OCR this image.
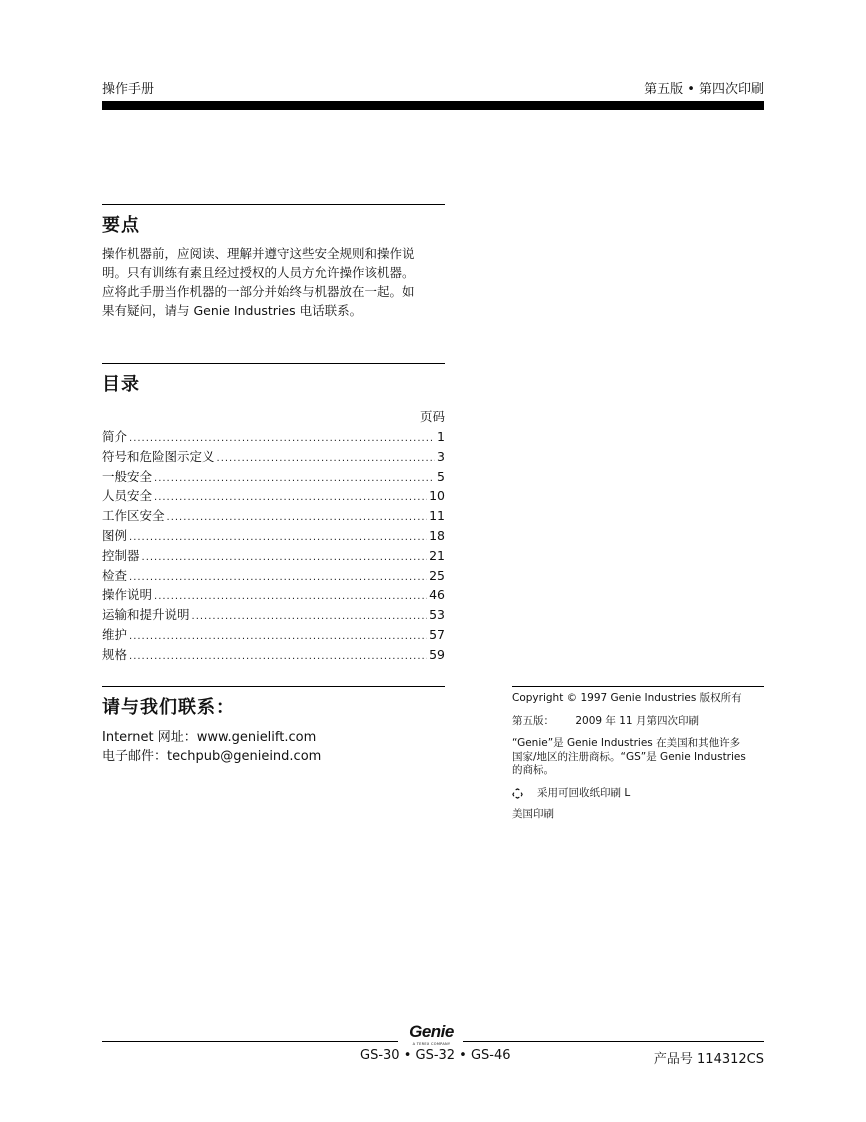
操作手册	第五版 • 第四次印刷
要点
操作机器前，应阅读、理解并遵守这些安全规则和操作说
明。只有训练有素且经过授权的人员方允许操作该机器。
应将此手册当作机器的一部分并始终与机器放在一起。如
果有疑问，请与 Genie Industries 电话联系。
目录
页码
简介 .....	1
符号和危险图示定义 .....	3
一般安全 .....	5
人员安全 .....	10
工作区安全 .....	11
图例 .....	18
控制器 .....	21
检查 .....	25
操作说明 .....	46
运输和提升说明 .....	53
维护 .....	57
规格 .....	59
请与我们联系：
Internet 网址：www.genielift.com
电子邮件：techpub@genieind.com
Copyright © 1997 Genie Industries 版权所有
第五版： 2009 年 11 月第四次印刷
“Genie”是 Genie Industries 在美国和其他许多
国家/地区的注册商标。“GS”是 Genie Industries
的商标。
采用可回收纸印刷 L
美国印刷
Genie
A TEREX COMPANY
GS-30 • GS-32 • GS-46	产品号 114312CS
